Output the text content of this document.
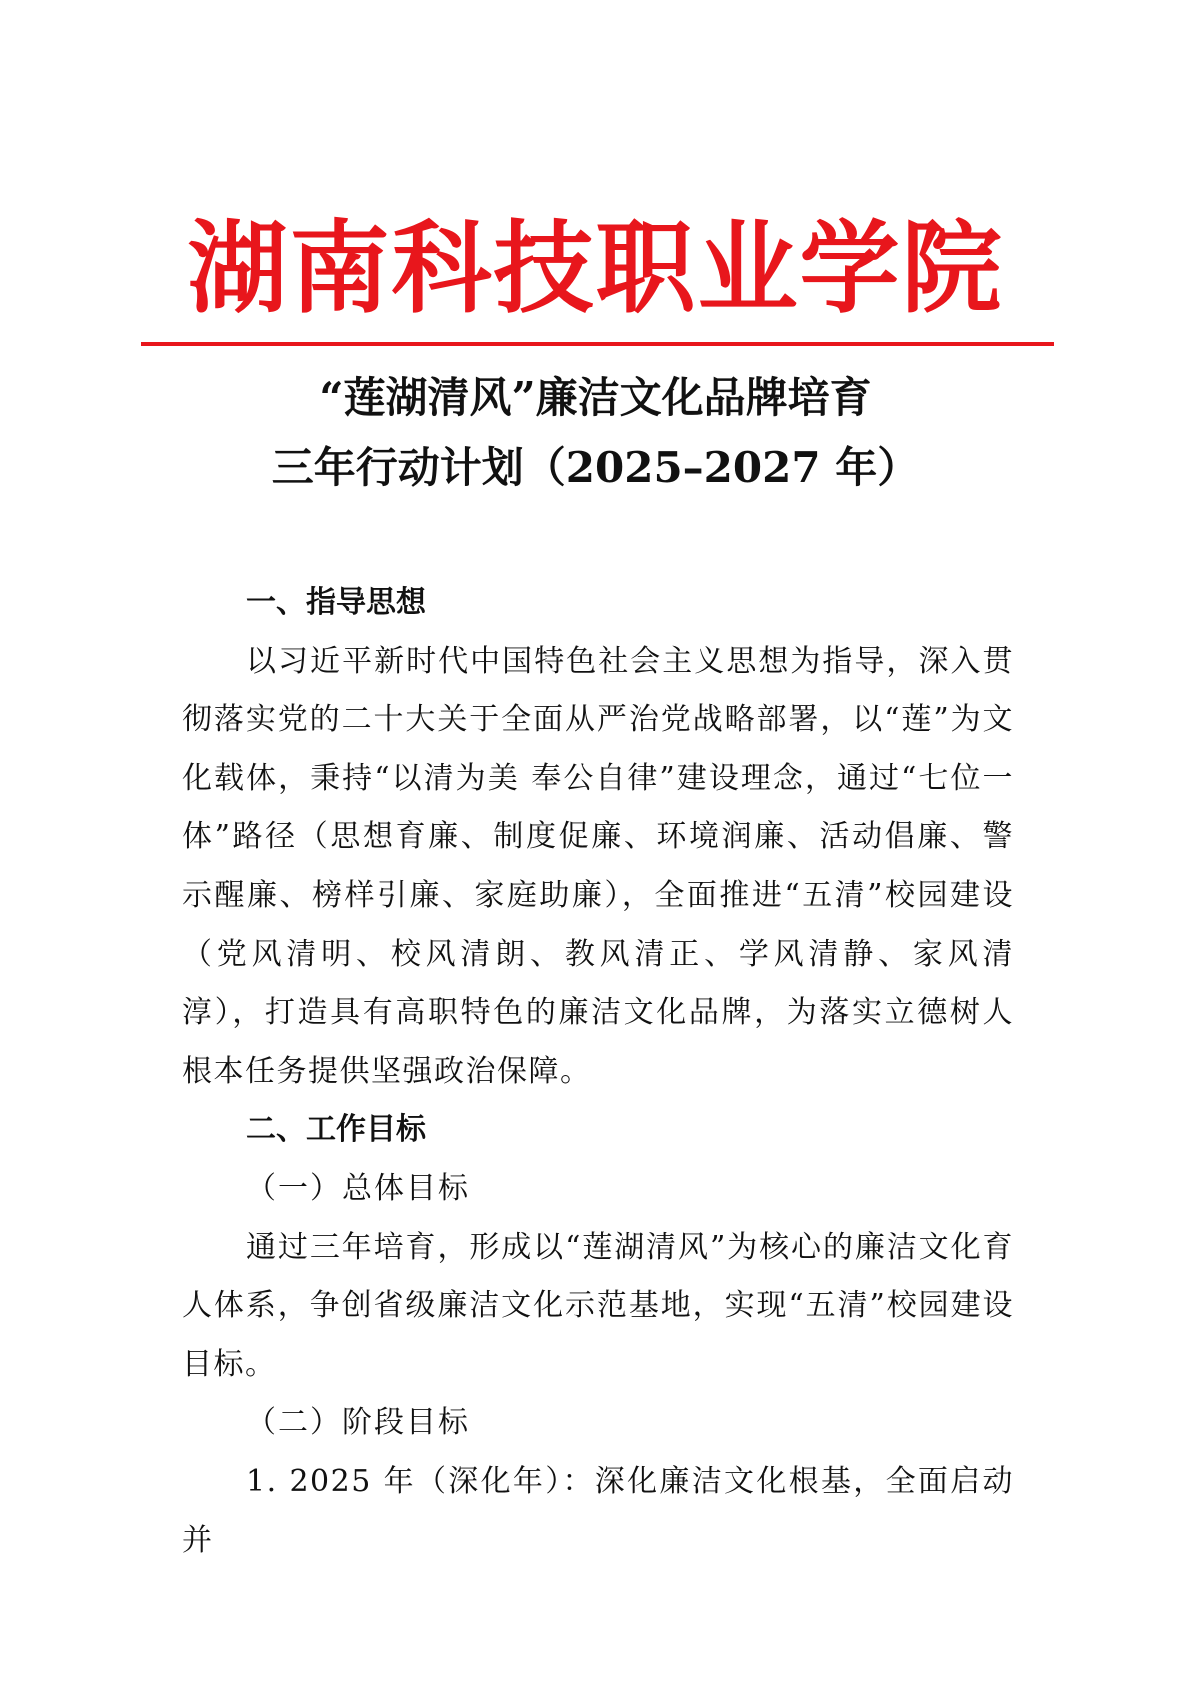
湖南科技职业学院
“莲湖清风”廉洁文化品牌培育
三年行动计划（2025–2027 年）

一、指导思想

以习近平新时代中国特色社会主义思想为指导，深入贯彻落实党的二十大关于全面从严治党战略部署，以“莲”为文化载体，秉持“以清为美 奉公自律”建设理念，通过“七位一体”路径（思想育廉、制度促廉、环境润廉、活动倡廉、警示醒廉、榜样引廉、家庭助廉），全面推进“五清”校园建设（党风清明、校风清朗、教风清正、学风清静、家风清淳），打造具有高职特色的廉洁文化品牌，为落实立德树人根本任务提供坚强政治保障。

二、工作目标

（一）总体目标

通过三年培育，形成以“莲湖清风”为核心的廉洁文化育人体系，争创省级廉洁文化示范基地，实现“五清”校园建设目标。

（二）阶段目标

1. 2025 年（深化年）：深化廉洁文化根基，全面启动并
